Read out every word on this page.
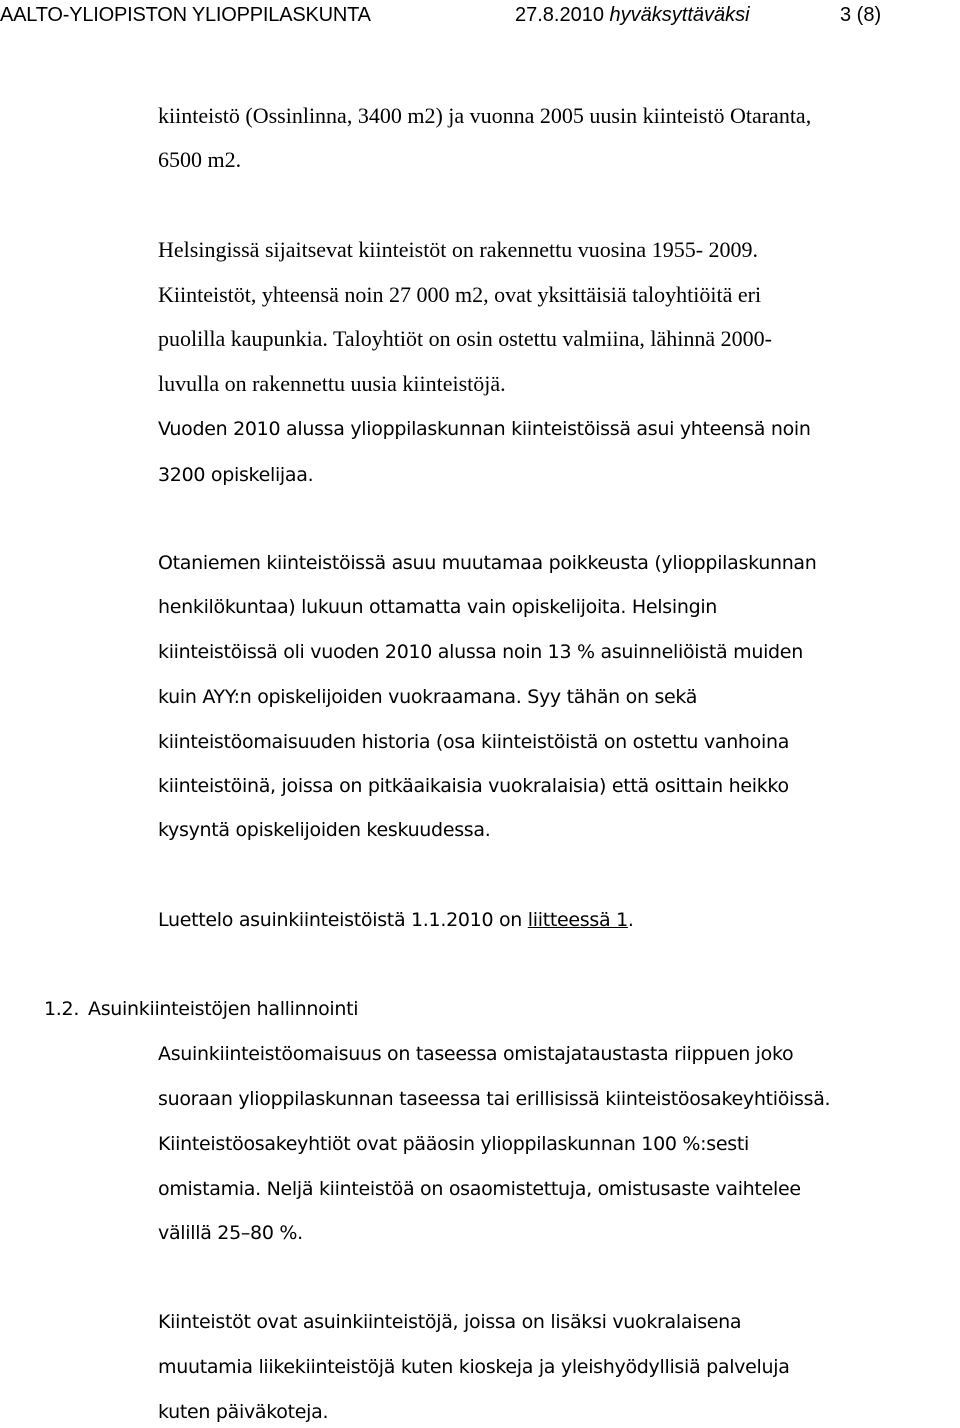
AALTO-YLIOPISTON YLIOPPILASKUNTA	27.8.2010 hyväksyttäväksi	3 (8)
kiinteistö (Ossinlinna, 3400 m2) ja vuonna 2005 uusin kiinteistö Otaranta,
6500 m2.
Helsingissä sijaitsevat kiinteistöt on rakennettu vuosina 1955- 2009.
Kiinteistöt, yhteensä noin 27 000 m2, ovat yksittäisiä taloyhtiöitä eri
puolilla kaupunkia. Taloyhtiöt on osin ostettu valmiina, lähinnä 2000-
luvulla on rakennettu uusia kiinteistöjä.
Vuoden 2010 alussa ylioppilaskunnan kiinteistöissä asui yhteensä noin
3200 opiskelijaa.
Otaniemen kiinteistöissä asuu muutamaa poikkeusta (ylioppilaskunnan
henkilökuntaa) lukuun ottamatta vain opiskelijoita. Helsingin
kiinteistöissä oli vuoden 2010 alussa noin 13 % asuinneliöistä muiden
kuin AYY:n opiskelijoiden vuokraamana. Syy tähän on sekä
kiinteistöomaisuuden historia (osa kiinteistöistä on ostettu vanhoina
kiinteistöinä, joissa on pitkäaikaisia vuokralaisia) että osittain heikko
kysyntä opiskelijoiden keskuudessa.
Luettelo asuinkiinteistöistä 1.1.2010 on liitteessä 1.
1.2. Asuinkiinteistöjen hallinnointi
Asuinkiinteistöomaisuus on taseessa omistajataustasta riippuen joko
suoraan ylioppilaskunnan taseessa tai erillisissä kiinteistöosakeyhtiöissä.
Kiinteistöosakeyhtiöt ovat pääosin ylioppilaskunnan 100 %:sesti
omistamia. Neljä kiinteistöä on osaomistettuja, omistusaste vaihtelee
välillä 25–80 %.
Kiinteistöt ovat asuinkiinteistöjä, joissa on lisäksi vuokralaisena
muutamia liikekiinteistöjä kuten kioskeja ja yleishyödyllisiä palveluja
kuten päiväkoteja.
